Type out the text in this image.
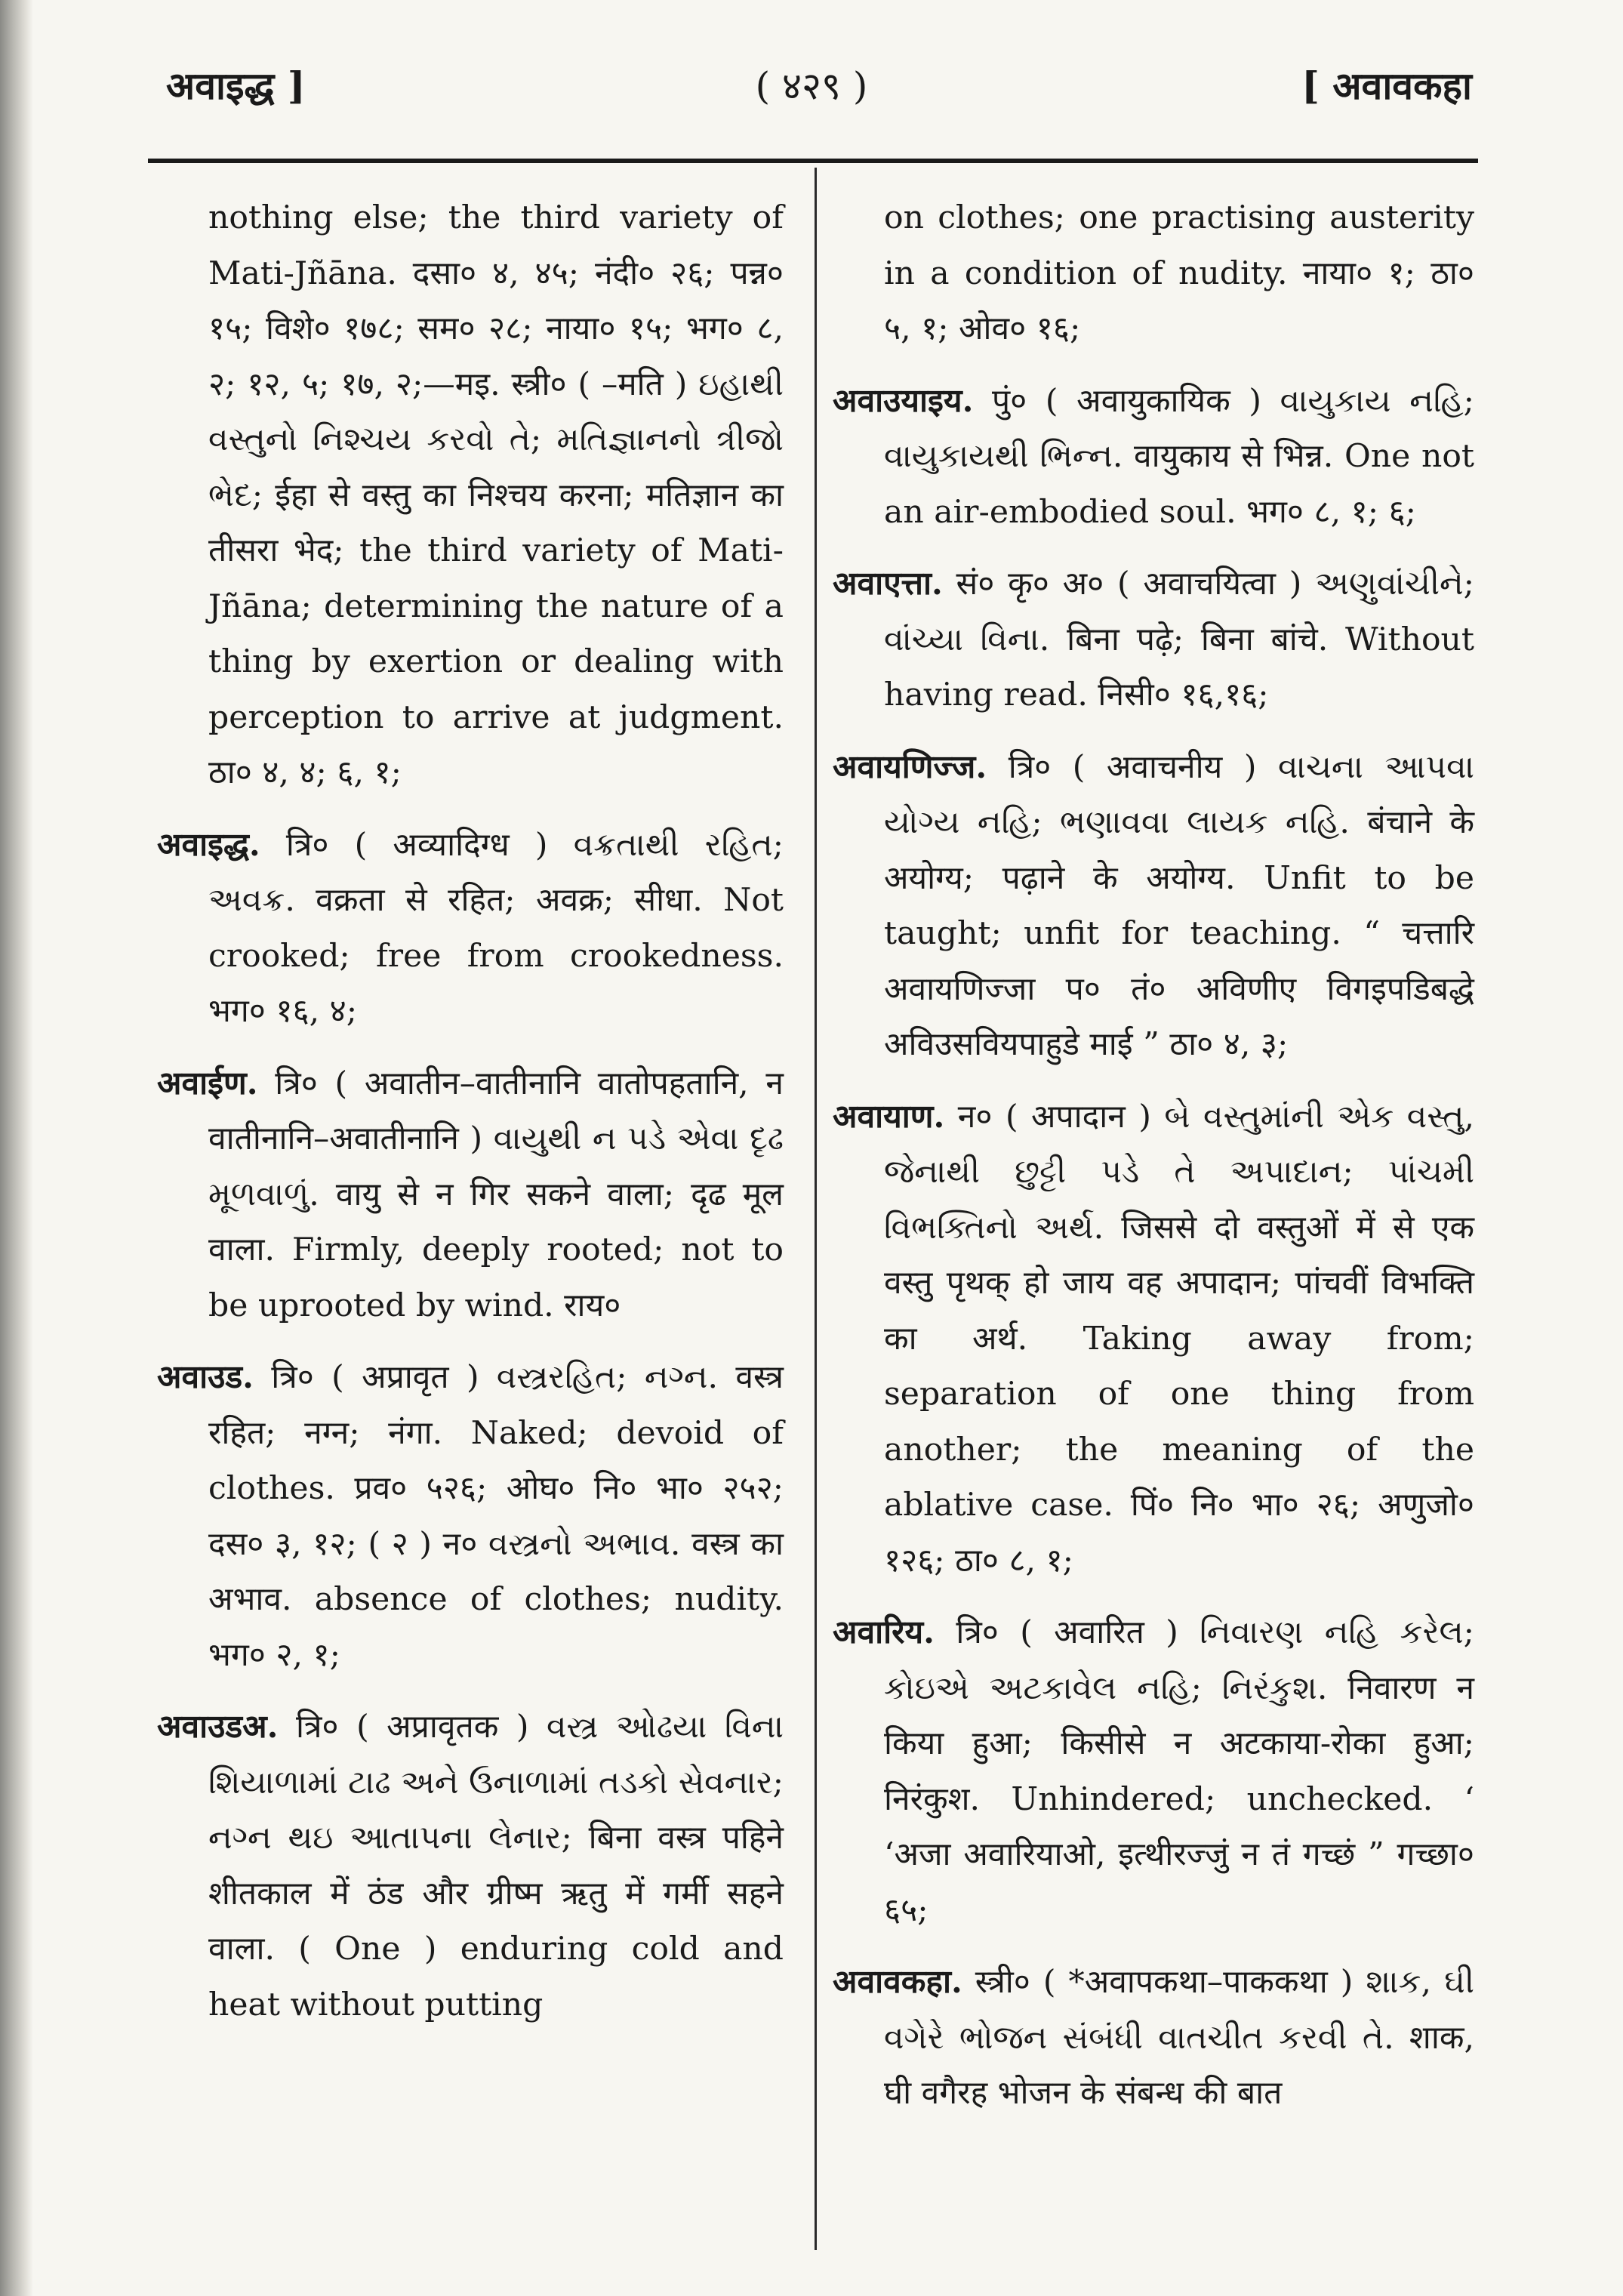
अवाइद्ध ]	( ४२९ )	[ अवावकहा

nothing else; the third variety of Mati-Jñāna. दसा० ४, ४५; नंदी० २६; पन्न० १५; विशे० १७८; सम० २८; नाया० १५; भग० ८, २; १२, ५; १७, २;—मइ. स्त्री० ( –मति ) ઇહાથી વસ્તુનો નિશ્ચય કરવો તે; મતિજ્ઞાનનો ત્રીજો ભેદ; ईहा से वस्तु का निश्चय करना; मतिज्ञान का तीसरा भेद; the third variety of Mati-Jñāna; determining the nature of a thing by exertion or dealing with perception to arrive at judgment. ठा० ४, ४; ६, १;

अवाइद्ध. त्रि० ( अव्यादिग्ध ) વક્રતાથી રહિત; અવક્ર. वक्रता से रहित; अवक्र; सीधा. Not crooked; free from crookedness. भग० १६, ४;

अवाईण. त्रि० ( अवातीन–वातीनानि वातोपहतानि, न वातीनानि–अवातीनानि ) વાયુથી ન પડે એવા દૃઢ મૂળવાળું. वायु से न गिर सकने वाला; दृढ मूल वाला. Firmly, deeply rooted; not to be uprooted by wind. राय०

अवाउड. त्रि० ( अप्रावृत ) વસ્ત્રરહિત; નગ્ન. वस्त्र रहित; नग्न; नंगा. Naked; devoid of clothes. प्रव० ५२६; ओघ० नि० भा० २५२; दस० ३, १२; ( २ ) न० વસ્ત્રનો અભાવ. वस्त्र का अभाव. absence of clothes; nudity. भग० २, १;

अवाउडअ. त्रि० ( अप्रावृतक ) વસ્ત્ર ઓઢયા વિના શિયાળામાં ટાઢ અને ઉનાળામાં તડકો સેવનાર; નગ્ન થઇ આતાપના લેનાર; बिना वस्त्र पहिने शीतकाल में ठंड और ग्रीष्म ऋतु में गर्मी सहने वाला. ( One ) enduring cold and heat without putting

on clothes; one practising austerity in a condition of nudity. नाया० १; ठा० ५, १; ओव० १६;

अवाउयाइय. पुं० ( अवायुकायिक ) વાયુકાય નહિ; વાયુકાયથી ભિન્ન. वायुकाय से भिन्न. One not an air-embodied soul. भग० ८, १; ६;

अवाएत्ता. सं० कृ० अ० ( अवाचयित्वा ) અણુવાંચીને; વાંચ્યા વિના. बिना पढ़े; बिना बांचे. Without having read. निसी० १६,१६;

अवायणिज्ज. त्रि० ( अवाचनीय ) વાચના આપવા યોગ્ય નહિ; ભણાવવા લાયક નહિ. बंचाने के अयोग्य; पढ़ाने के अयोग्य. Unfit to be taught; unfit for teaching. “ चत्तारि अवायणिज्जा प० तं० अविणीए विगइपडिबद्धे अविउसवियपाहुडे माई ” ठा० ४, ३;

अवायाण. न० ( अपादान ) બે વસ્તુમાંની એક વસ્તુ, જેનાથી છુટ્ટી પડે તે અપાદાન; પાંચમી વિભક્તિનો અર્થ. जिससे दो वस्तुओं में से एक वस्तु पृथक् हो जाय वह अपादान; पांचवीं विभक्ति का अर्थ. Taking away from; separation of one thing from another; the meaning of the ablative case. पिं० नि० भा० २६; अणुजो० १२६; ठा० ८, १;

अवारिय. त्रि० ( अवारित ) નિવારણ નહિ કરેલ; કોઇએ અટકાવેલ નહિ; નિરંકુશ. निवारण न किया हुआ; किसीसे न अटकाया-रोका हुआ; निरंकुश. Unhindered; unchecked. ‘ ‘अजा अवारियाओ, इत्थीरज्जुं न तं गच्छं ” गच्छा० ६५;

अवावकहा. स्त्री० ( *अवापकथा–पाककथा ) શાક, ઘી વગેરે ભોજન સંબંધી વાતચીત કરવી તે. शाक, घी वगैरह भोजन के संबन्ध की बात
